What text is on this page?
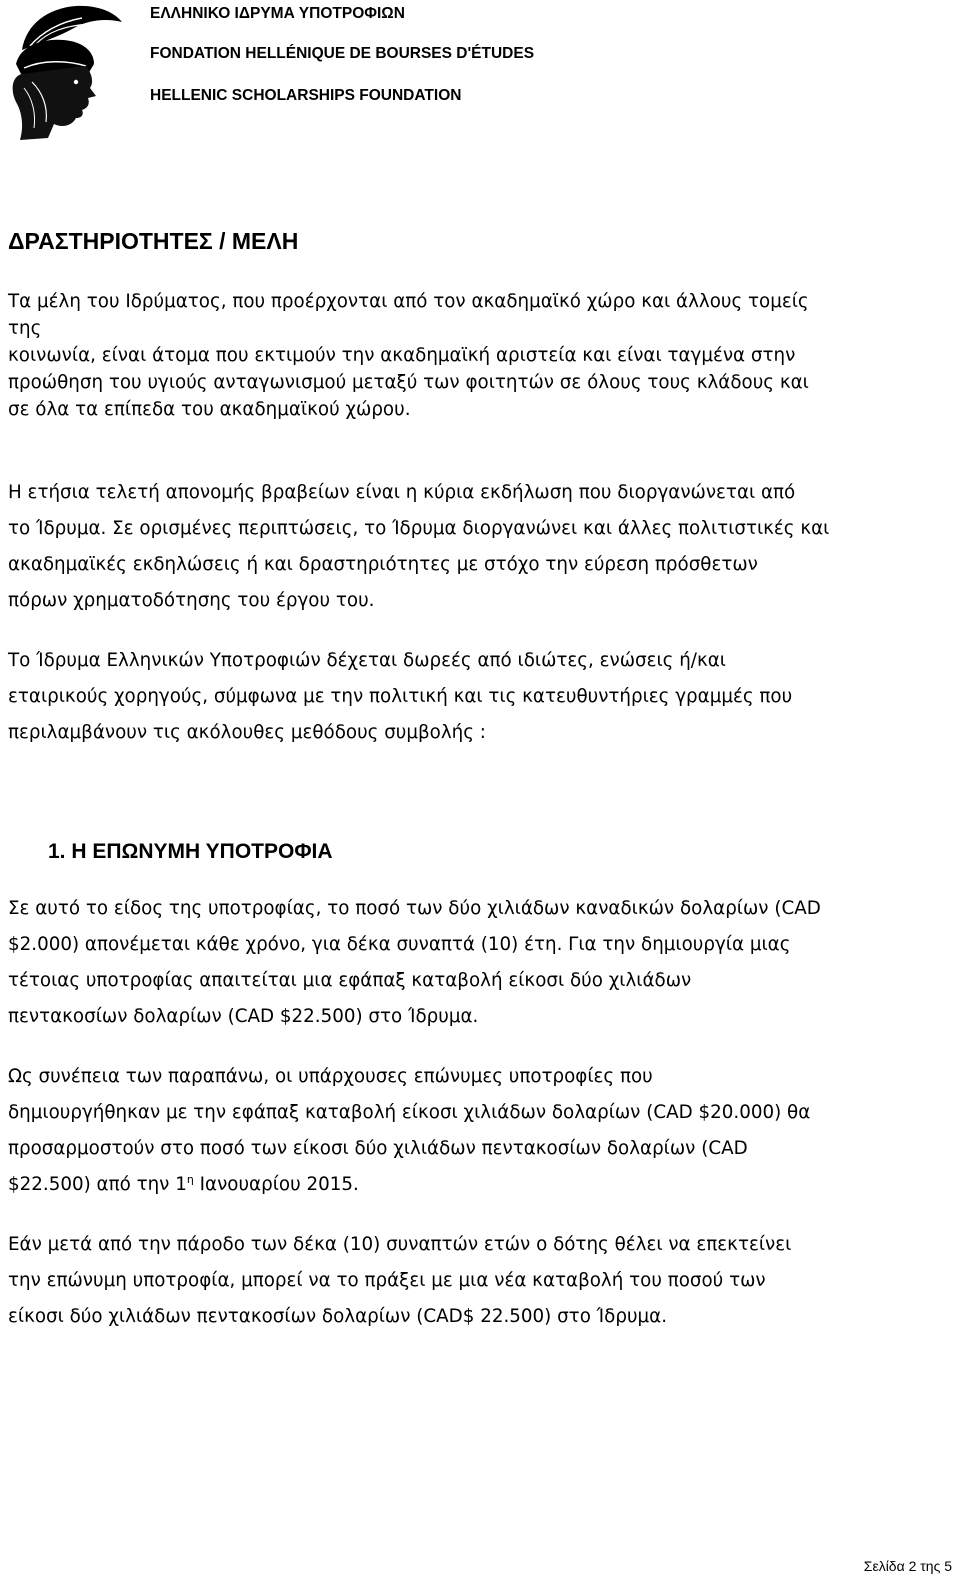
ΕΛΛΗΝΙΚΟ ΙΔΡΥΜΑ ΥΠΟΤΡΟΦΙΩΝ
FONDATION HELLÉNIQUE DE BOURSES D'ÉTUDES
HELLENIC SCHOLARSHIPS FOUNDATION
ΔΡΑΣΤΗΡΙΟΤΗΤΕΣ / ΜΕΛΗ
Τα μέλη του Ιδρύματος, που προέρχονται από τον ακαδημαϊκό χώρο και άλλους τομείς
της
κοινωνία, είναι άτομα που εκτιμούν την ακαδημαϊκή αριστεία και είναι ταγμένα στην
προώθηση του υγιούς ανταγωνισμού μεταξύ των φοιτητών σε όλους τους κλάδους και
σε όλα τα επίπεδα του ακαδημαϊκού χώρου.
Η ετήσια τελετή απονομής βραβείων είναι η κύρια εκδήλωση που διοργανώνεται από
το Ίδρυμα. Σε ορισμένες περιπτώσεις, το Ίδρυμα διοργανώνει και άλλες πολιτιστικές και
ακαδημαϊκές εκδηλώσεις ή και δραστηριότητες με στόχο την εύρεση πρόσθετων
πόρων χρηματοδότησης του έργου του.
Το Ίδρυμα Ελληνικών Υποτροφιών δέχεται δωρεές από ιδιώτες, ενώσεις ή/και
εταιρικούς χορηγούς, σύμφωνα με την πολιτική και τις κατευθυντήριες γραμμές που
περιλαμβάνουν τις ακόλουθες μεθόδους συμβολής :
1. Η ΕΠΩΝΥΜΗ ΥΠΟΤΡΟΦΙΑ
Σε αυτό το είδος της υποτροφίας, το ποσό των δύο χιλιάδων καναδικών δολαρίων (CAD
$2.000) απονέμεται κάθε χρόνο, για δέκα συναπτά (10) έτη. Για την δημιουργία μιας
τέτοιας υποτροφίας απαιτείται μια εφάπαξ καταβολή είκοσι δύο χιλιάδων
πεντακοσίων δολαρίων (CAD $22.500) στο Ίδρυμα.
Ως συνέπεια των παραπάνω, οι υπάρχουσες επώνυμες υποτροφίες που
δημιουργήθηκαν με την εφάπαξ καταβολή είκοσι χιλιάδων δολαρίων (CAD $20.000) θα
προσαρμοστούν στο ποσό των είκοσι δύο χιλιάδων πεντακοσίων δολαρίων (CAD
$22.500) από την $1^\eta$ Ιανουαρίου 2015.
Εάν μετά από την πάροδο των δέκα (10) συναπτών ετών ο δότης θέλει να επεκτείνει
την επώνυμη υποτροφία, μπορεί να το πράξει με μια νέα καταβολή του ποσού των
είκοσι δύο χιλιάδων πεντακοσίων δολαρίων (CAD$ 22.500) στο Ίδρυμα.
Σελίδα 2 της 5
